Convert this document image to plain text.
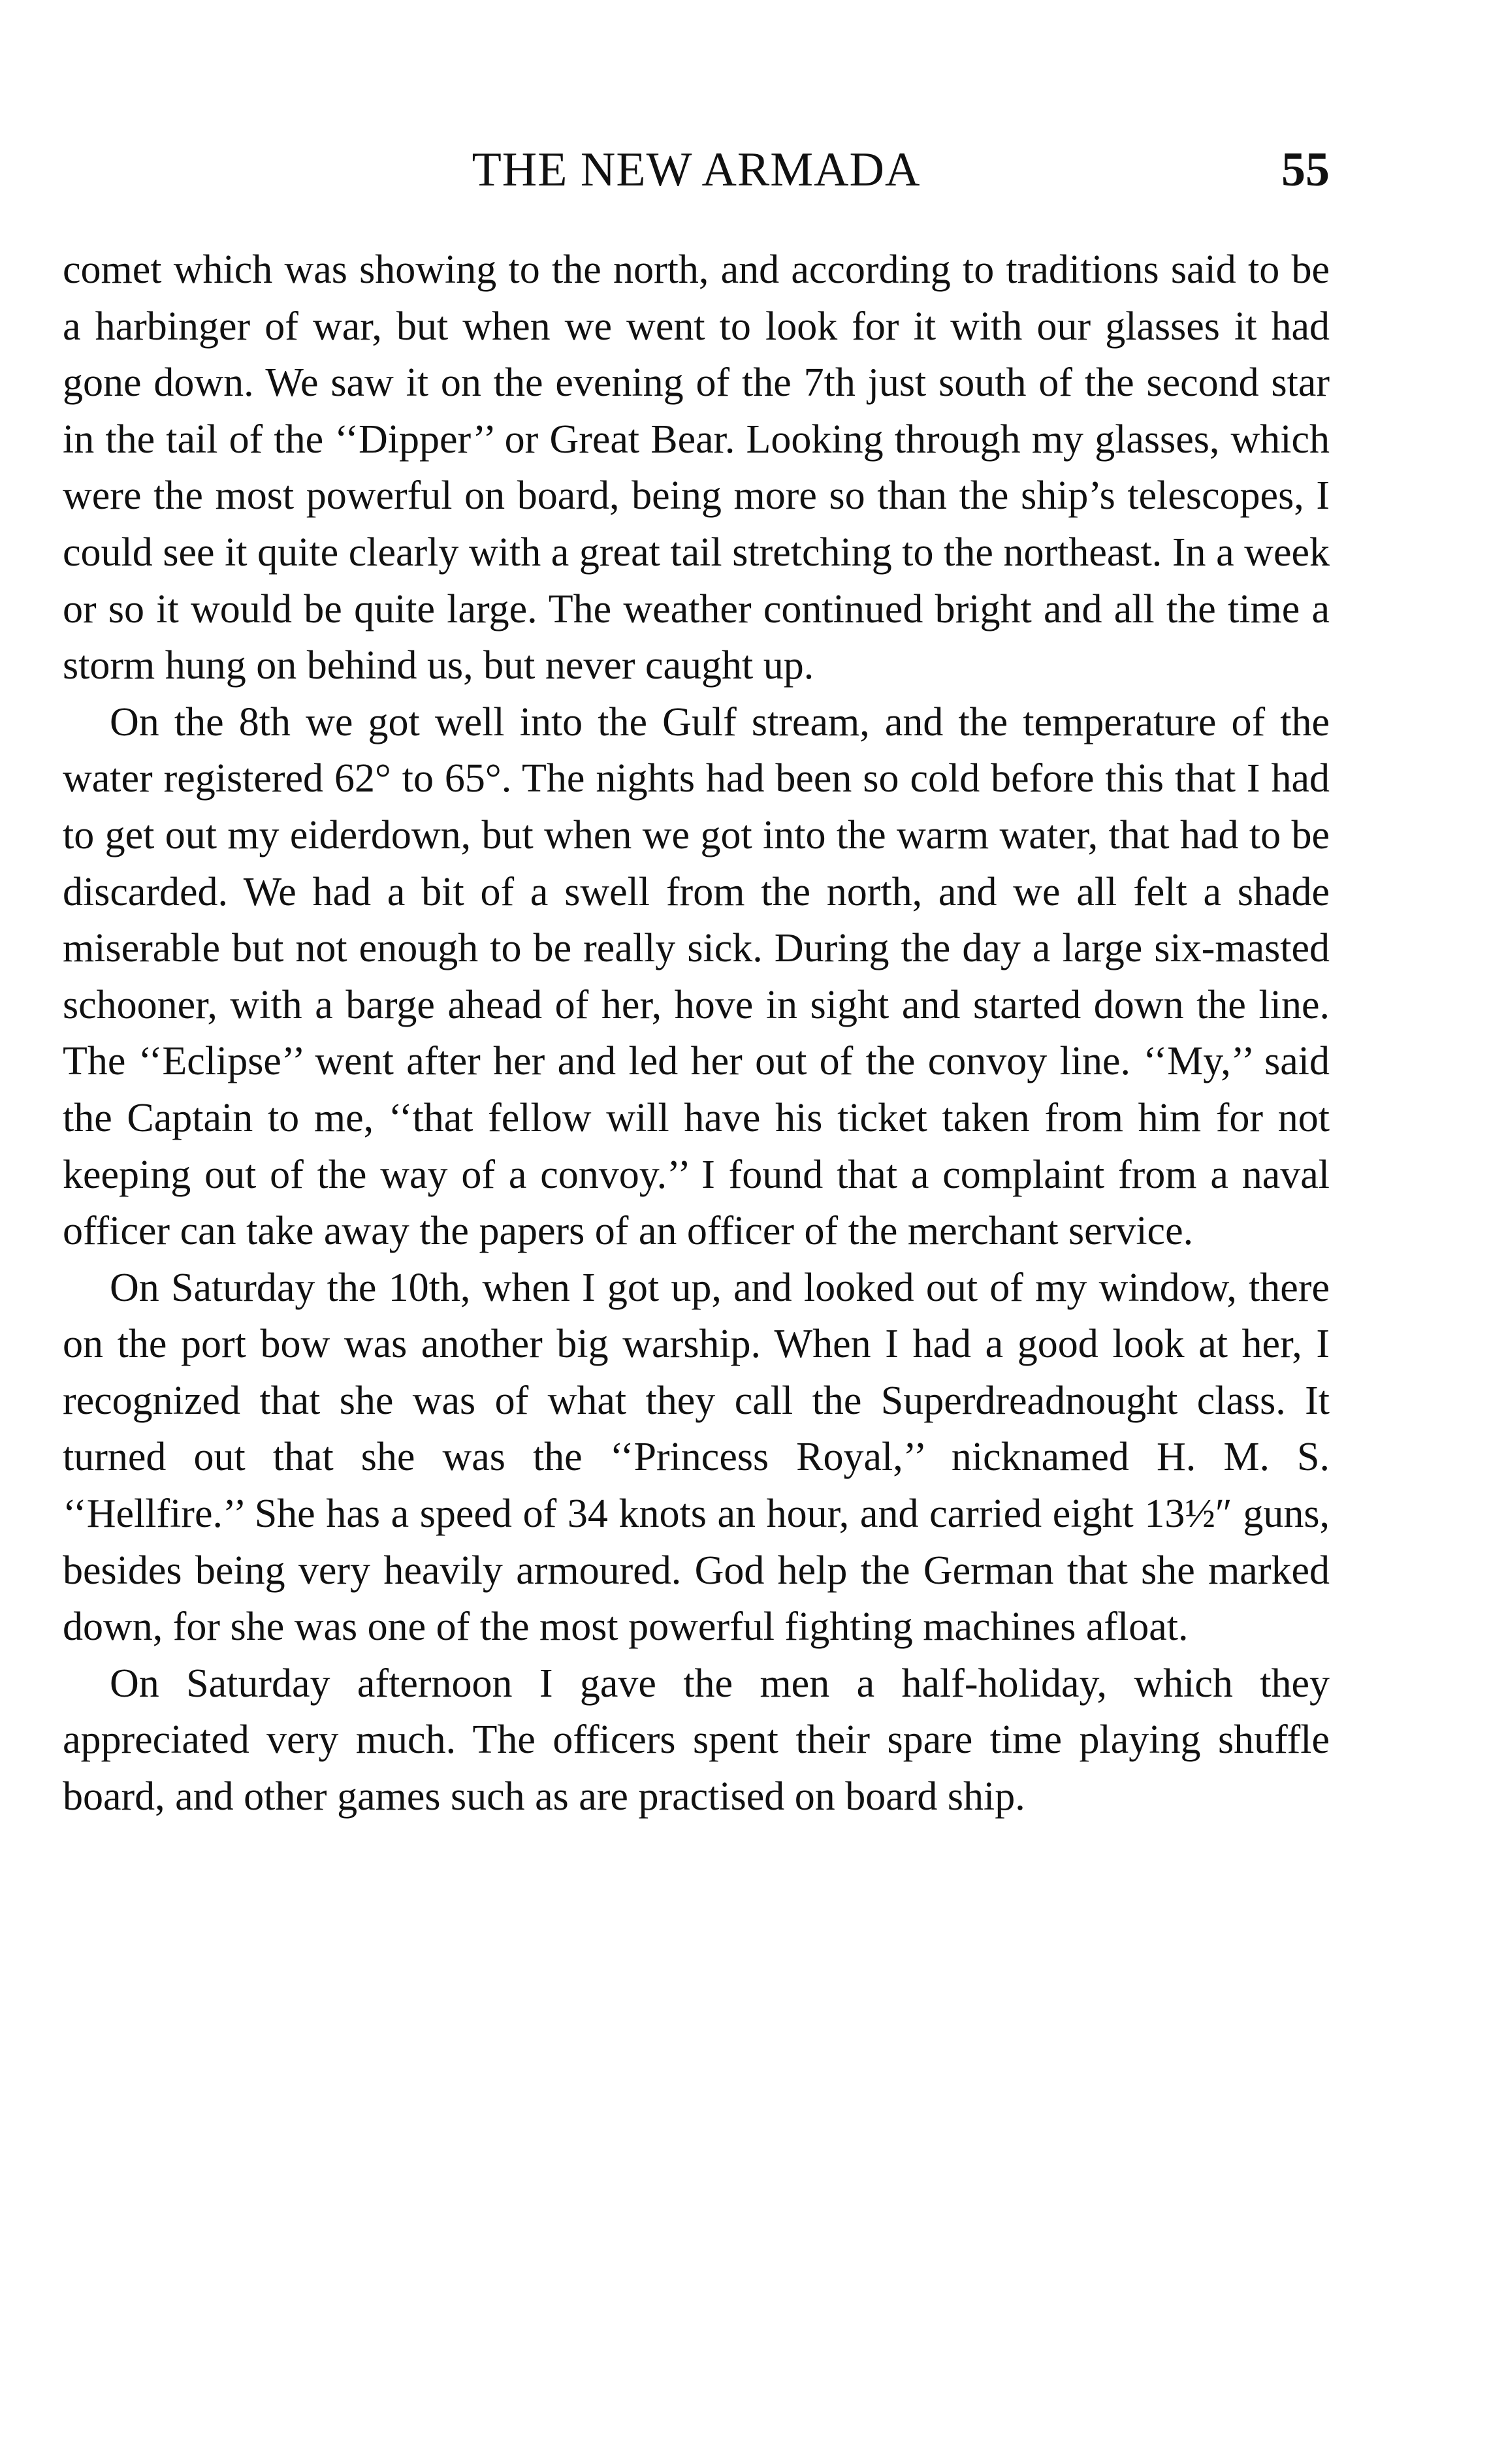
THE NEW ARMADA	55

comet which was showing to the north, and according to traditions said to be a harbinger of war, but when we went to look for it with our glasses it had gone down. We saw it on the evening of the 7th just south of the second star in the tail of the ‘‘Dipper’’ or Great Bear. Looking through my glasses, which were the most powerful on board, being more so than the ship’s telescopes, I could see it quite clearly with a great tail stretching to the northeast. In a week or so it would be quite large. The weather continued bright and all the time a storm hung on behind us, but never caught up.

On the 8th we got well into the Gulf stream, and the temperature of the water registered 62° to 65°. The nights had been so cold before this that I had to get out my eiderdown, but when we got into the warm water, that had to be discarded. We had a bit of a swell from the north, and we all felt a shade miserable but not enough to be really sick. During the day a large six-masted schooner, with a barge ahead of her, hove in sight and started down the line. The ‘‘Eclipse’’ went after her and led her out of the convoy line. ‘‘My,’’ said the Captain to me, ‘‘that fellow will have his ticket taken from him for not keeping out of the way of a convoy.’’ I found that a complaint from a naval officer can take away the papers of an officer of the merchant service.

On Saturday the 10th, when I got up, and looked out of my window, there on the port bow was another big warship. When I had a good look at her, I recognized that she was of what they call the Superdreadnought class. It turned out that she was the ‘‘Princess Royal,’’ nicknamed H. M. S. ‘‘Hellfire.’’ She has a speed of 34 knots an hour, and carried eight 13½″ guns, besides being very heavily armoured. God help the German that she marked down, for she was one of the most powerful fighting machines afloat.

On Saturday afternoon I gave the men a half-holiday, which they appreciated very much. The officers spent their spare time playing shuffle board, and other games such as are practised on board ship.
